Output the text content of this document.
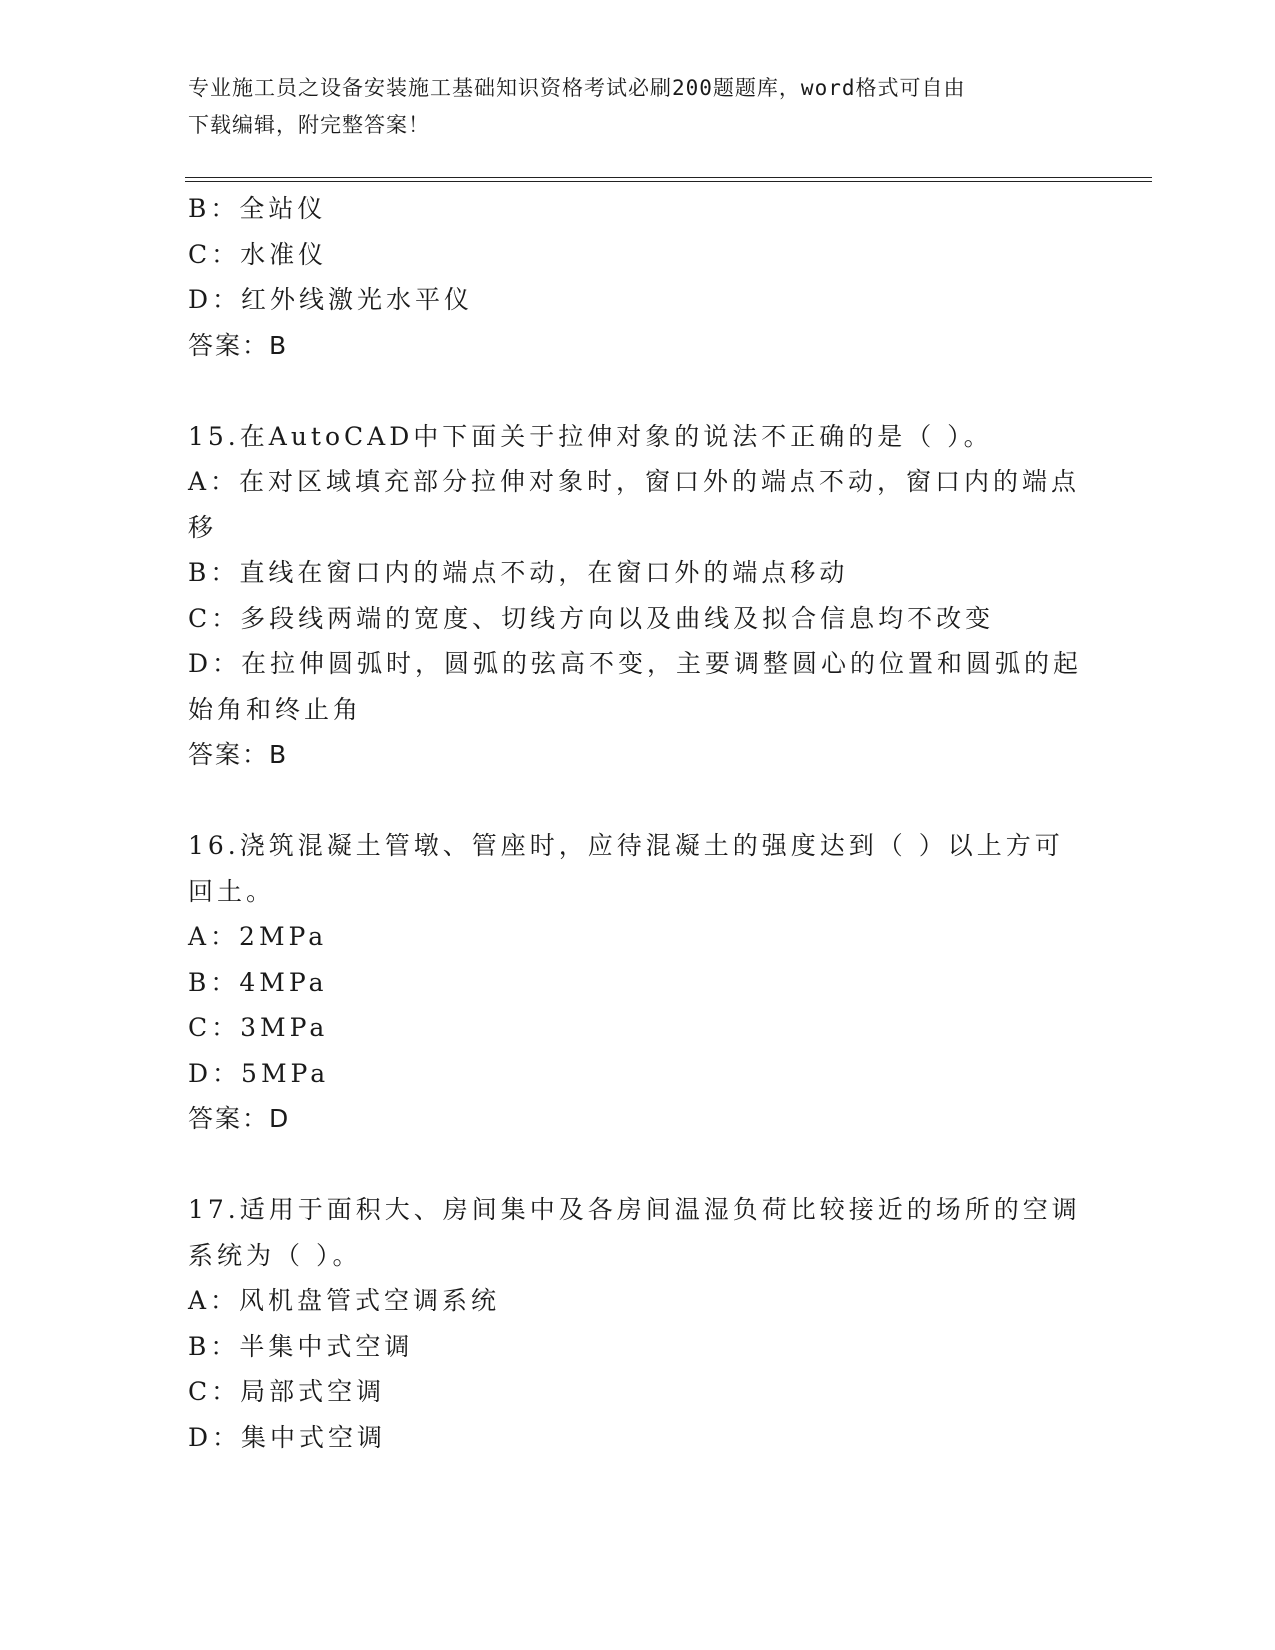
专业施工员之设备安装施工基础知识资格考试必刷200题题库，word格式可自由
下载编辑，附完整答案！
B：全站仪
C：水准仪
D：红外线激光水平仪
答案：B
15.在AutoCAD中下面关于拉伸对象的说法不正确的是（ ）。
A：在对区域填充部分拉伸对象时，窗口外的端点不动，窗口内的端点
移
B：直线在窗口内的端点不动，在窗口外的端点移动
C：多段线两端的宽度、切线方向以及曲线及拟合信息均不改变
D：在拉伸圆弧时，圆弧的弦高不变，主要调整圆心的位置和圆弧的起
始角和终止角
答案：B
16.浇筑混凝土管墩、管座时，应待混凝土的强度达到（ ）以上方可
回土。
A：2MPa
B：4MPa
C：3MPa
D：5MPa
答案：D
17.适用于面积大、房间集中及各房间温湿负荷比较接近的场所的空调
系统为（ ）。
A：风机盘管式空调系统
B：半集中式空调
C：局部式空调
D：集中式空调
